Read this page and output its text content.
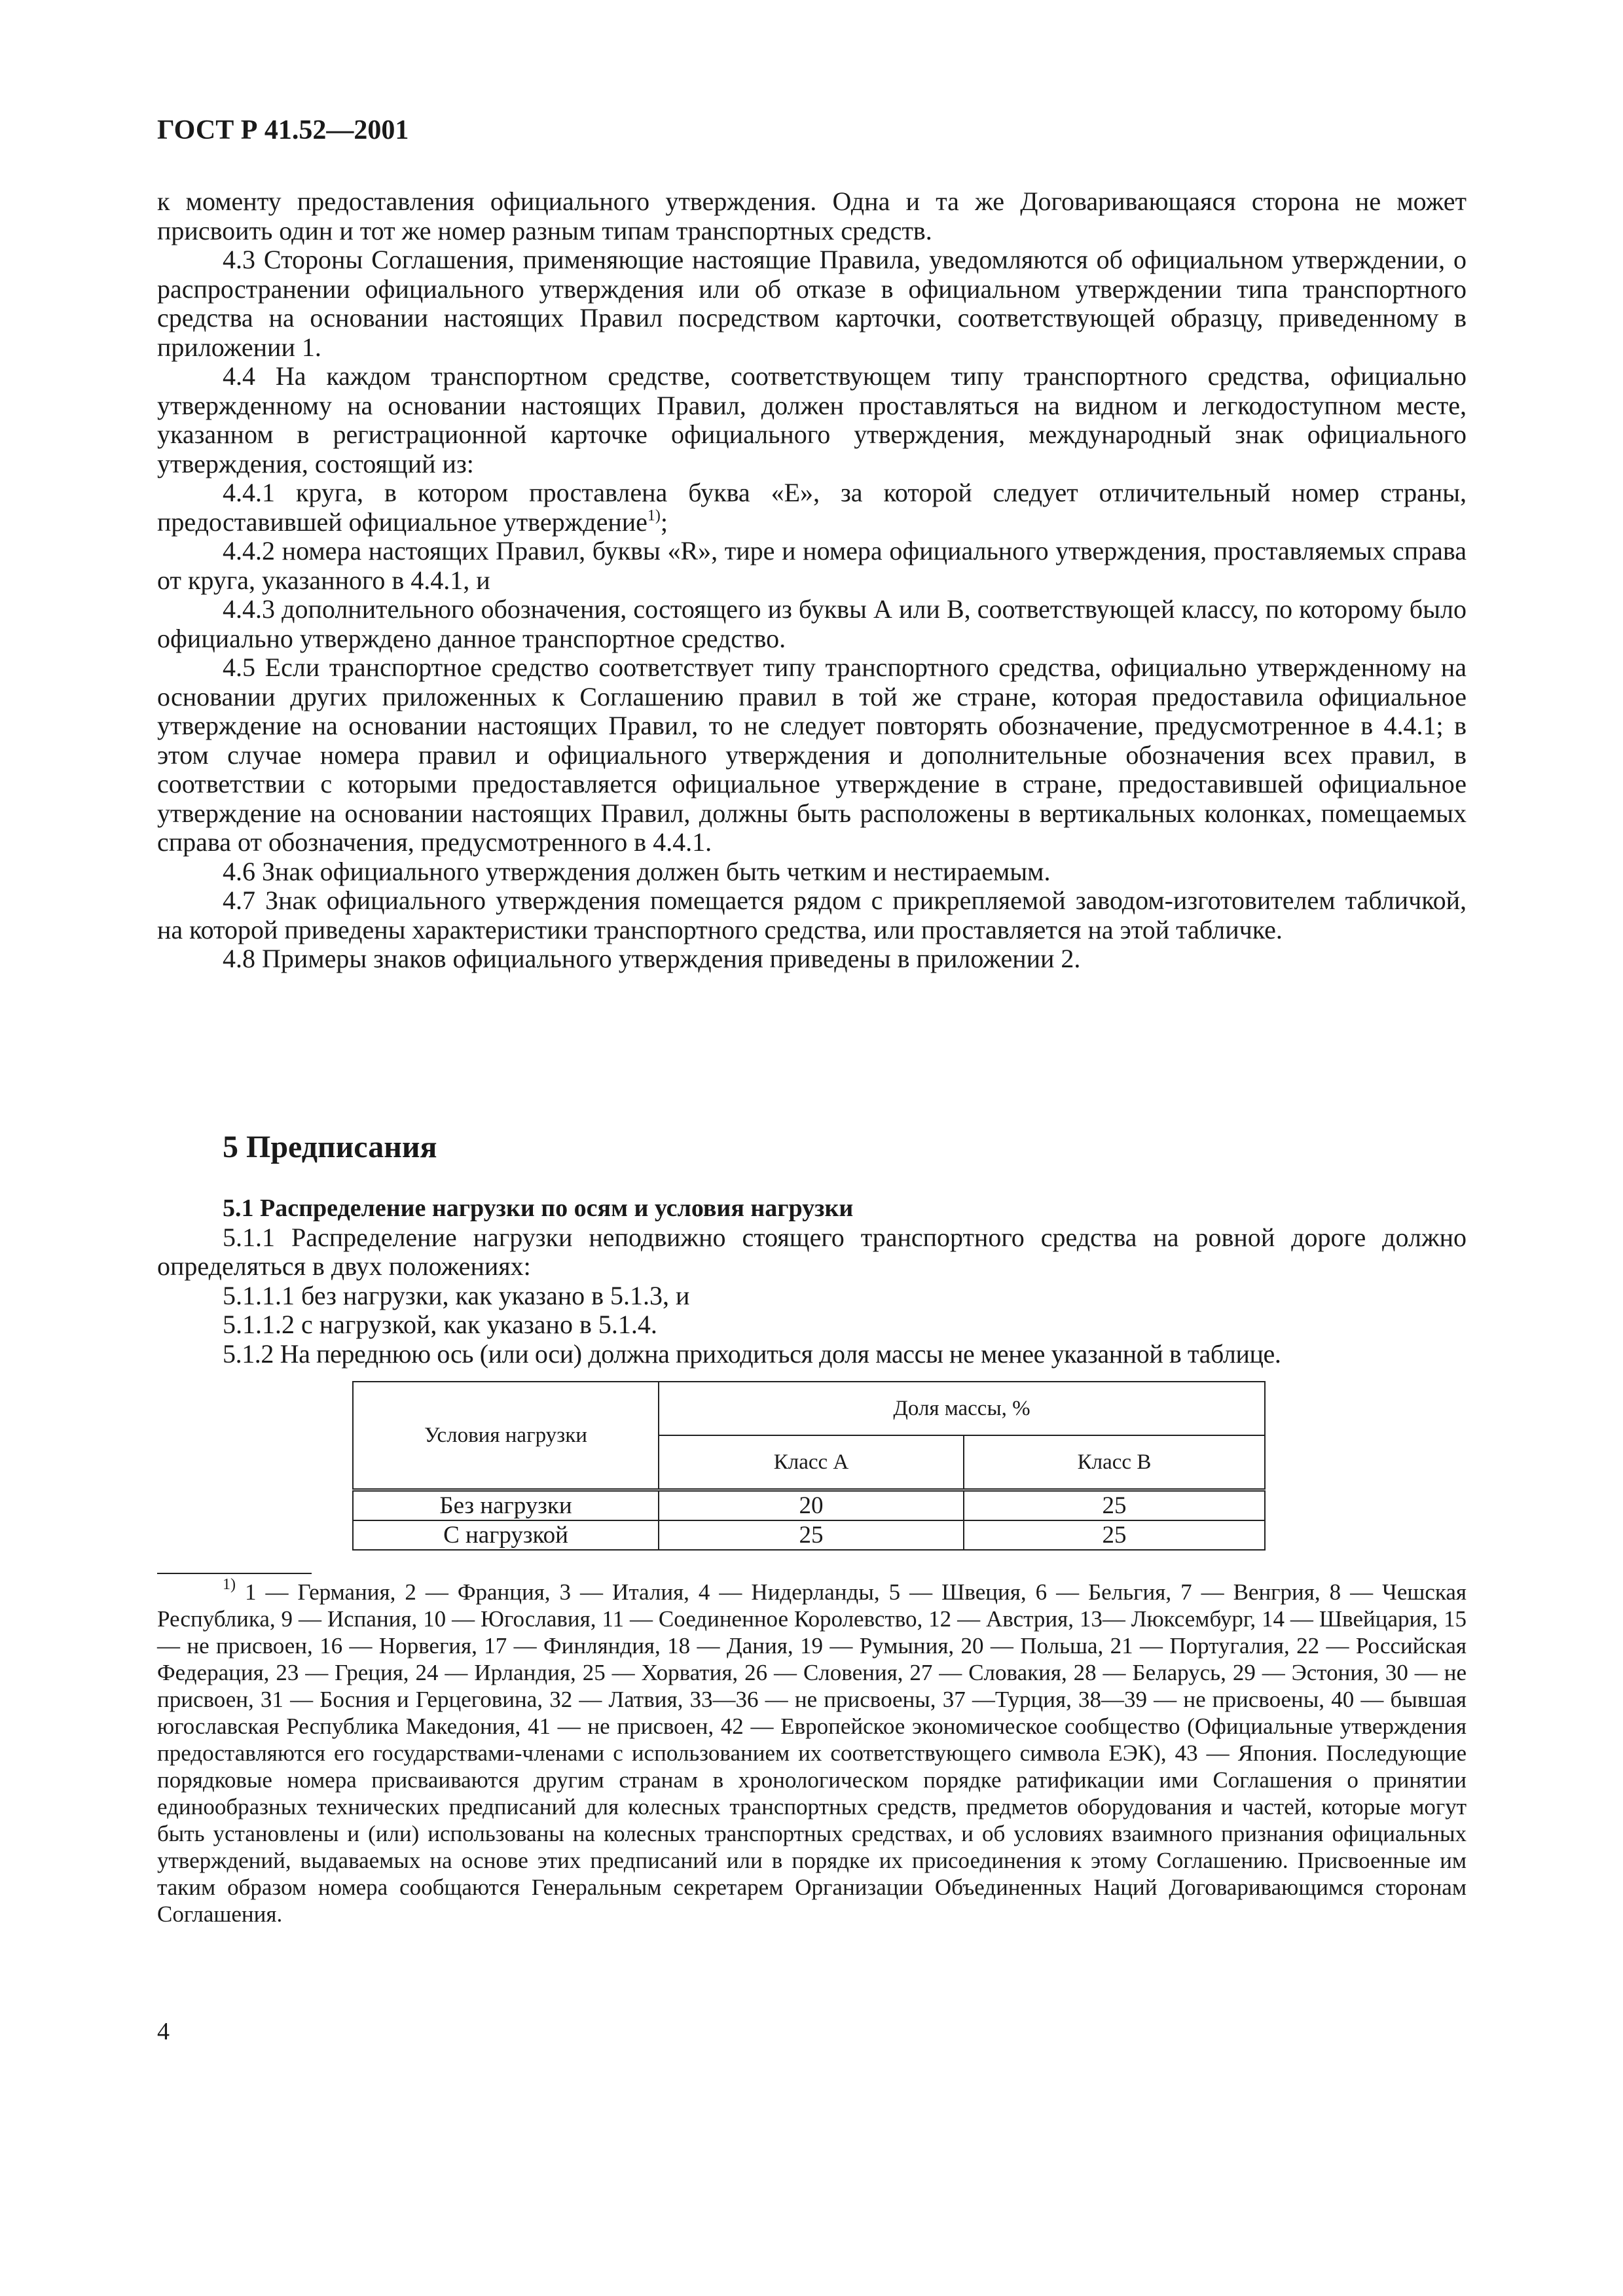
ГОСТ Р 41.52—2001

к моменту предоставления официального утверждения. Одна и та же Договаривающаяся сторона не может присвоить один и тот же номер разным типам транспортных средств.

4.3 Стороны Соглашения, применяющие настоящие Правила, уведомляются об официальном утверждении, о распространении официального утверждения или об отказе в официальном утверждении типа транспортного средства на основании настоящих Правил посредством карточки, соответствующей образцу, приведенному в приложении 1.

4.4 На каждом транспортном средстве, соответствующем типу транспортного средства, официально утвержденному на основании настоящих Правил, должен проставляться на видном и легкодоступном месте, указанном в регистрационной карточке официального утверждения, международный знак официального утверждения, состоящий из:

4.4.1 круга, в котором проставлена буква «Е», за которой следует отличительный номер страны, предоставившей официальное утверждение$^{1)}$;

4.4.2 номера настоящих Правил, буквы «R», тире и номера официального утверждения, проставляемых справа от круга, указанного в 4.4.1, и

4.4.3 дополнительного обозначения, состоящего из буквы А или В, соответствующей классу, по которому было официально утверждено данное транспортное средство.

4.5 Если транспортное средство соответствует типу транспортного средства, официально утвержденному на основании других приложенных к Соглашению правил в той же стране, которая предоставила официальное утверждение на основании настоящих Правил, то не следует повторять обозначение, предусмотренное в 4.4.1; в этом случае номера правил и официального утверждения и дополнительные обозначения всех правил, в соответствии с которыми предоставляется официальное утверждение в стране, предоставившей официальное утверждение на основании настоящих Правил, должны быть расположены в вертикальных колонках, помещаемых справа от обозначения, предусмотренного в 4.4.1.

4.6 Знак официального утверждения должен быть четким и нестираемым.

4.7 Знак официального утверждения помещается рядом с прикрепляемой заводом-изготовителем табличкой, на которой приведены характеристики транспортного средства, или проставляется на этой табличке.

4.8 Примеры знаков официального утверждения приведены в приложении 2.

5 Предписания

5.1 Распределение нагрузки по осям и условия нагрузки

5.1.1 Распределение нагрузки неподвижно стоящего транспортного средства на ровной дороге должно определяться в двух положениях:

5.1.1.1 без нагрузки, как указано в 5.1.3, и

5.1.1.2 с нагрузкой, как указано в 5.1.4.

5.1.2 На переднюю ось (или оси) должна приходиться доля массы не менее указанной в таблице.

Условия нагрузки	Доля массы, %	
	Класс А	Класс В
Без нагрузки	20	25
С нагрузкой	25	25

$^{1)}$ 1 — Германия, 2 — Франция, 3 — Италия, 4 — Нидерланды, 5 — Швеция, 6 — Бельгия, 7 — Венгрия, 8 — Чешская Республика, 9 — Испания, 10 — Югославия, 11 — Соединенное Королевство, 12 — Австрия, 13— Люксембург, 14 — Швейцария, 15 — не присвоен, 16 — Норвегия, 17 — Финляндия, 18 — Дания, 19 — Румыния, 20 — Польша, 21 — Португалия, 22 — Российская Федерация, 23 — Греция, 24 — Ирландия, 25 — Хорватия, 26 — Словения, 27 — Словакия, 28 — Беларусь, 29 — Эстония, 30 — не присвоен, 31 — Босния и Герцеговина, 32 — Латвия, 33—36 — не присвоены, 37 —Турция, 38—39 — не присвоены, 40 — бывшая югославская Республика Македония, 41 — не присвоен, 42 — Европейское экономическое сообщество (Официальные утверждения предоставляются его государствами-членами с использованием их соответствующего символа ЕЭК), 43 — Япония. Последующие порядковые номера присваиваются другим странам в хронологическом порядке ратификации ими Соглашения о принятии единообразных технических предписаний для колесных транспортных средств, предметов оборудования и частей, которые могут быть установлены и (или) использованы на колесных транспортных средствах, и об условиях взаимного признания официальных утверждений, выдаваемых на основе этих предписаний или в порядке их присоединения к этому Соглашению. Присвоенные им таким образом номера сообщаются Генеральным секретарем Организации Объединенных Наций Договаривающимся сторонам Соглашения.

4
